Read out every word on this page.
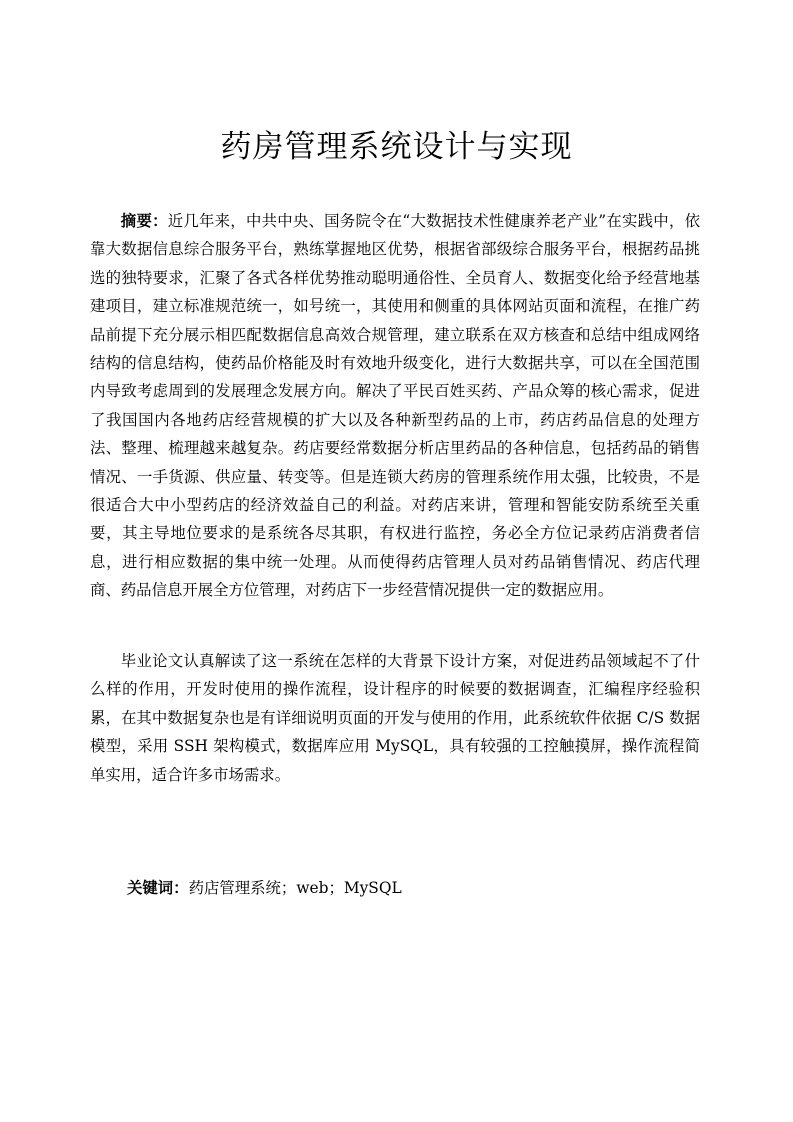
药房管理系统设计与实现

摘要：近几年来，中共中央、国务院令在“大数据技术性健康养老产业”在实践中，依靠大数据信息综合服务平台，熟练掌握地区优势，根据省部级综合服务平台，根据药品挑选的独特要求，汇聚了各式各样优势推动聪明通俗性、全员育人、数据变化给予经营地基建项目，建立标准规范统一，如号统一，其使用和侧重的具体网站页面和流程，在推广药品前提下充分展示相匹配数据信息高效合规管理，建立联系在双方核查和总结中组成网络结构的信息结构，使药品价格能及时有效地升级变化，进行大数据共享，可以在全国范围内导致考虑周到的发展理念发展方向。解决了平民百姓买药、产品众筹的核心需求，促进了我国国内各地药店经营规模的扩大以及各种新型药品的上市，药店药品信息的处理方法、整理、梳理越来越复杂。药店要经常数据分析店里药品的各种信息，包括药品的销售情况、一手货源、供应量、转变等。但是连锁大药房的管理系统作用太强，比较贵，不是很适合大中小型药店的经济效益自己的利益。对药店来讲，管理和智能安防系统至关重要，其主导地位要求的是系统各尽其职，有权进行监控，务必全方位记录药店消费者信息，进行相应数据的集中统一处理。从而使得药店管理人员对药品销售情况、药店代理商、药品信息开展全方位管理，对药店下一步经营情况提供一定的数据应用。

毕业论文认真解读了这一系统在怎样的大背景下设计方案，对促进药品领域起不了什么样的作用，开发时使用的操作流程，设计程序的时候要的数据调查，汇编程序经验积累，在其中数据复杂也是有详细说明页面的开发与使用的作用，此系统软件依据 C/S 数据模型，采用 SSH 架构模式，数据库应用 MySQL，具有较强的工控触摸屏，操作流程简单实用，适合许多市场需求。

关键词：药店管理系统；web；MySQL
